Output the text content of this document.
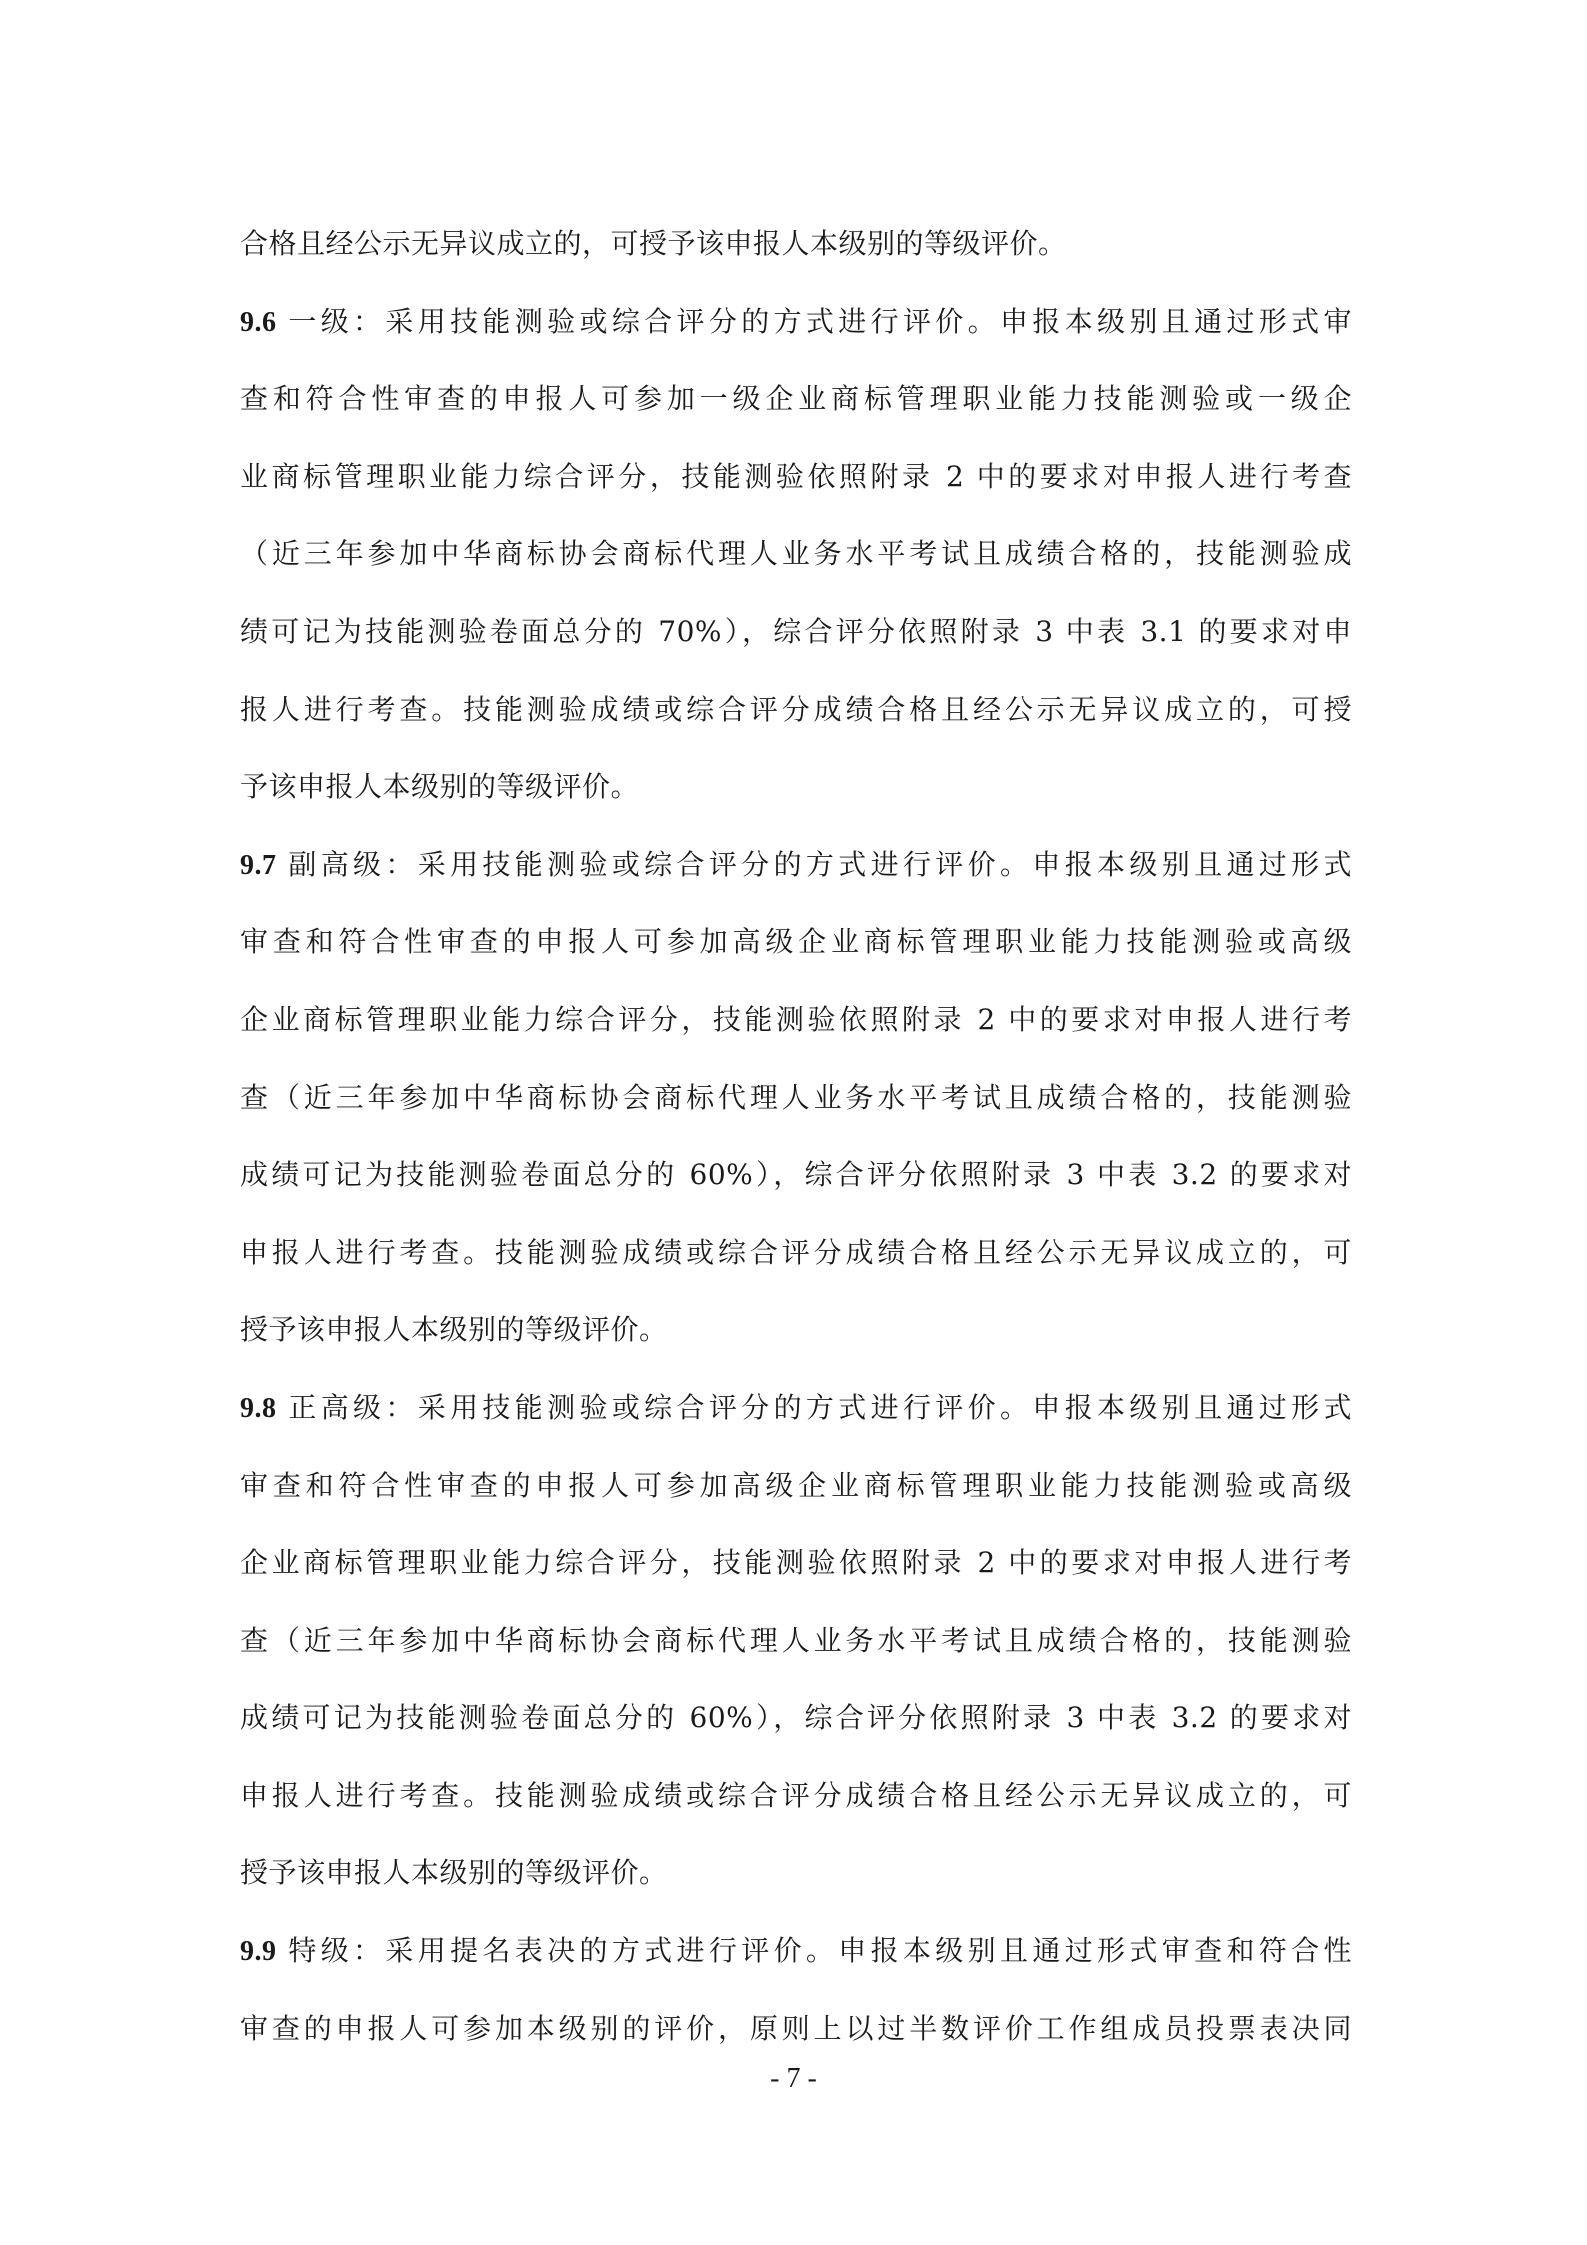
合格且经公示无异议成立的，可授予该申报人本级别的等级评价。
9.6 一级：采用技能测验或综合评分的方式进行评价。申报本级别且通过形式审
查和符合性审查的申报人可参加一级企业商标管理职业能力技能测验或一级企
业商标管理职业能力综合评分，技能测验依照附录 2 中的要求对申报人进行考查
（近三年参加中华商标协会商标代理人业务水平考试且成绩合格的，技能测验成
绩可记为技能测验卷面总分的 70%），综合评分依照附录 3 中表 3.1 的要求对申
报人进行考查。技能测验成绩或综合评分成绩合格且经公示无异议成立的，可授
予该申报人本级别的等级评价。
9.7 副高级：采用技能测验或综合评分的方式进行评价。申报本级别且通过形式
审查和符合性审查的申报人可参加高级企业商标管理职业能力技能测验或高级
企业商标管理职业能力综合评分，技能测验依照附录 2 中的要求对申报人进行考
查（近三年参加中华商标协会商标代理人业务水平考试且成绩合格的，技能测验
成绩可记为技能测验卷面总分的 60%），综合评分依照附录 3 中表 3.2 的要求对
申报人进行考查。技能测验成绩或综合评分成绩合格且经公示无异议成立的，可
授予该申报人本级别的等级评价。
9.8 正高级：采用技能测验或综合评分的方式进行评价。申报本级别且通过形式
审查和符合性审查的申报人可参加高级企业商标管理职业能力技能测验或高级
企业商标管理职业能力综合评分，技能测验依照附录 2 中的要求对申报人进行考
查（近三年参加中华商标协会商标代理人业务水平考试且成绩合格的，技能测验
成绩可记为技能测验卷面总分的 60%），综合评分依照附录 3 中表 3.2 的要求对
申报人进行考查。技能测验成绩或综合评分成绩合格且经公示无异议成立的，可
授予该申报人本级别的等级评价。
9.9 特级：采用提名表决的方式进行评价。申报本级别且通过形式审查和符合性
审查的申报人可参加本级别的评价，原则上以过半数评价工作组成员投票表决同
- 7 -
